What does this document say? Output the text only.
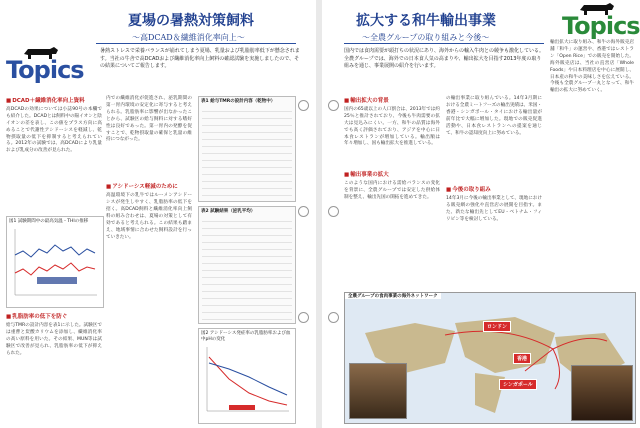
Topics
夏場の暑熱対策飼料
～高DCAD＆繊維消化率向上～
暑熱ストレスで栄養バランスが崩れてしまう夏場、乳量および乳脂肪率低下が懸念されます。当社の牛舎で高DCADおよび繊維消化率向上飼料の確認試験を実施しましたので、その結果についてご報告します。
■ DCAD＋繊維消化率向上資料

高DCADの効果については小誌90号の本欄でも紹介した。DCADとは飼料中の陽イオンと陰イオンの差を表し、この値をプラス方向に高めることで代謝性アシドーシスを軽減し、乾物摂取量の低下を抑制すると考えられている。2012年の試験では、高DCADにより乳量および乳成分の改善が見られた。

図1 試験期間中の最高気温・THIの推移
■ 乳脂肪率の低下を防ぐ

給与TMRの設計内容を表1に示した。試験区では重曹と炭酸カリウムを添加し、繊維消化率の高い原料を用いた。その結果、MUN等は試験区で改善が見られ、乳脂肪率の低下が抑えられた。

内での繊維消化が促進され、泌乳期間の第一胃内環境の安定化に寄与すると考えられる。乳脂肪率に影響が出なかったことから、試験区の給与飼料に対する嗜好性は良好であった。第一胃内の発酵を促すことで、乾物摂取量の確保と乳量の維持につながった。

■ アシドーシス軽減のために

高温環境下の乳牛ではルーメンアシドーシスが発生しやすく、乳脂肪率の低下を招く。高DCAD飼料と繊維消化率向上飼料の組み合わせは、夏場の対策として有効であると考えられる。この結果も踏まえ、地域事情に合わせた飼料設計を行っていきたい。

表1 給与TMRの設計内容（乾物中）
表2 試験結果（泌乳平均）
図2 アシドーシス発症率の乳脂肪率および血中pHの変化
拡大する和牛輸出事業
～全農グループの取り組みと今後～	Topics
国内では食肉需要が頭打ちの状況にあり、海外からの輸入牛肉との競争も激化している。全農グループでは、海外での日本食人気の高まりや、輸出拡大を目指す2013年度の取り組みを通じ、事業展開の紹介を行います。
■ 輸出拡大の背景

国内の65歳以上の人口割合は、2013年では約25％と推計されており、今後も牛肉需要の拡大は見込みにくい。一方、和牛の品質は海外でも高く評価されており、アジアを中心に日本食レストランが増加している。輸出額は年々増加し、国も輸出拡大を推進している。

■ 輸出事業の拡大

このような国内における需給バランスの変化を背景に、全農グループでは安定した供給体制を整え、輸出先国の開拓を進めてきた。

の輸出事業に取り組んでいる。14年3月期における全農ミートフーズの輸出実績は、米国・香港・シンガポール・タイにおける輸出量が前年比で大幅に増加した。現地での販売促進活動や、日本食レストランへの提案を通じて、和牛の認知度向上に努めている。

■ 今後の取り組み

14年3月に今後の輸出事業として、現地における販売網の強化や直営店の展開を目指す。また、新たな輸出先としてEU・ベトナム・フィリピン等を検討している。

輸出拡大に取り組み、和牛の海外販売店舗「和牛」の運営や、香港ではレストラン「Open Rice」での販売を開始した。海外販売店は、当社の直営店「Whole Foods」や日本料理店を中心に展開し、日本産の和牛の美味しさを伝えている。今後も全農グループ一丸となって、和牛輸出の拡大に努めていく。

全農グループの食肉事業の海外ネットワーク
ロンドン
香港
シンガポール
